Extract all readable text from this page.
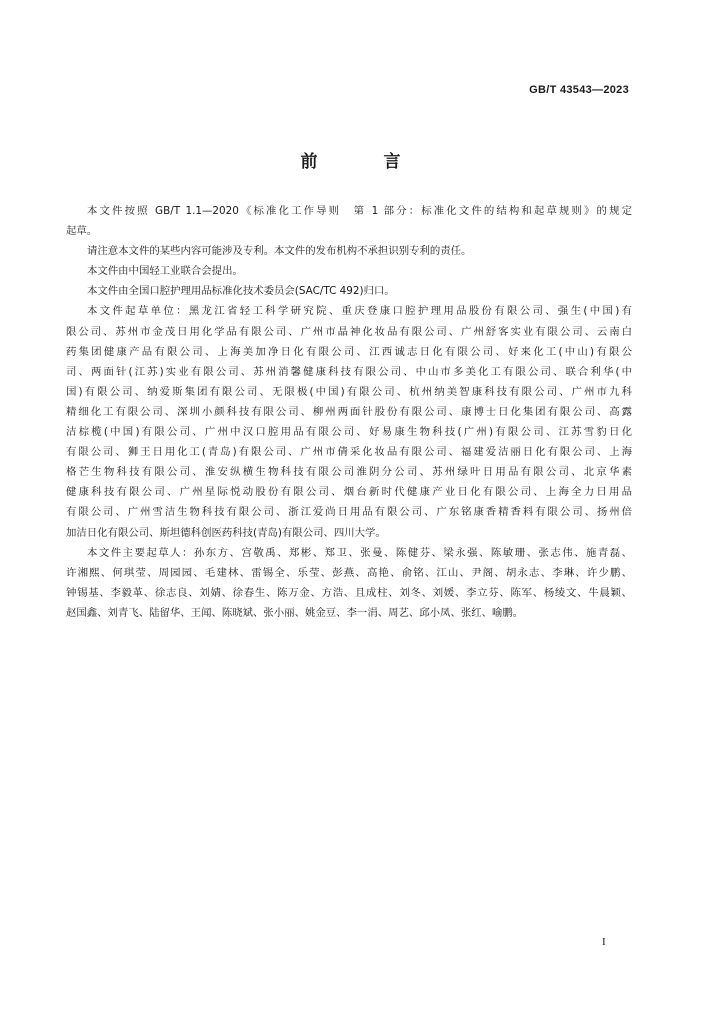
GB/T 43543—2023
前 言
本文件按照 GB/T 1.1—2020《标准化工作导则　第 1 部分：标准化文件的结构和起草规则》的规定
起草。
请注意本文件的某些内容可能涉及专利。本文件的发布机构不承担识别专利的责任。
本文件由中国轻工业联合会提出。
本文件由全国口腔护理用品标准化技术委员会(SAC/TC 492)归口。
本文件起草单位：黑龙江省轻工科学研究院、重庆登康口腔护理用品股份有限公司、强生(中国)有
限公司、苏州市金茂日用化学品有限公司、广州市晶神化妆品有限公司、广州舒客实业有限公司、云南白
药集团健康产品有限公司、上海美加净日化有限公司、江西诚志日化有限公司、好来化工(中山)有限公
司、两面针(江苏)实业有限公司、苏州消馨健康科技有限公司、中山市多美化工有限公司、联合利华(中
国)有限公司、纳爱斯集团有限公司、无限极(中国)有限公司、杭州纳美智康科技有限公司、广州市九科
精细化工有限公司、深圳小颜科技有限公司、柳州两面针股份有限公司、康博士日化集团有限公司、高露
洁棕榄(中国)有限公司、广州中汉口腔用品有限公司、好易康生物科技(广州)有限公司、江苏雪豹日化
有限公司、狮王日用化工(青岛)有限公司、广州市倩采化妆品有限公司、福建爱洁丽日化有限公司、上海
格芒生物科技有限公司、淮安纵横生物科技有限公司淮阴分公司、苏州绿叶日用品有限公司、北京华素
健康科技有限公司、广州星际悦动股份有限公司、烟台新时代健康产业日化有限公司、上海全力日用品
有限公司、广州雪洁生物科技有限公司、浙江爱尚日用品有限公司、广东铭康香精香料有限公司、扬州倍
加洁日化有限公司、斯坦德科创医药科技(青岛)有限公司、四川大学。
本文件主要起草人：孙东方、宫敬禹、郑彬、郑卫、张曼、陈健芬、梁永强、陈敏珊、张志伟、施青磊、
许湘熙、何琪莹、周园园、毛建林、雷锡全、乐莹、彭燕、高艳、俞铭、江山、尹阁、胡永志、李琳、许少鹏、
钟锡基、李毅革、徐志良、刘婧、徐春生、陈万金、方浩、且成柱、刘冬、刘媛、李立芬、陈军、杨绫文、牛晨颖、
赵国鑫、刘青飞、陆留华、王闻、陈晓斌、张小丽、姚金豆、李一涓、周艺、邱小凤、张红、喻鹏。
I
